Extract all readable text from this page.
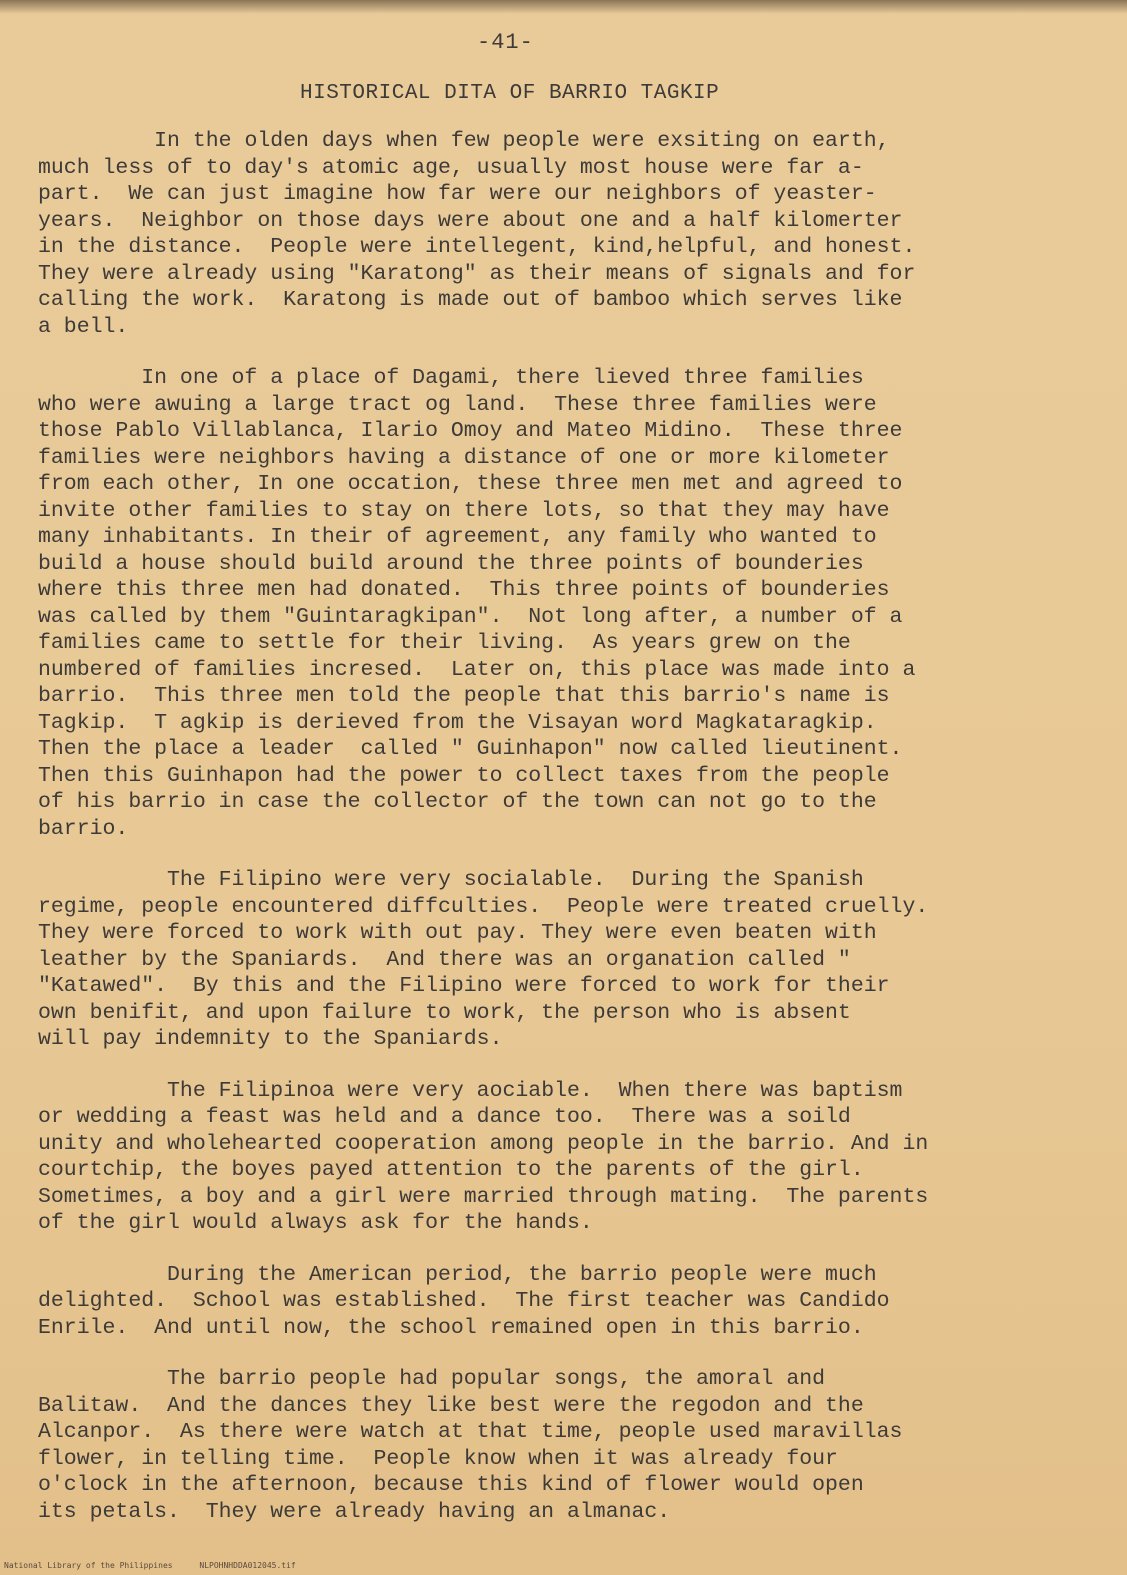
-41-
HISTORICAL DITA OF BARRIO TAGKIP

In the olden days when few people were exsiting on earth,
much less of to day's atomic age, usually most house were far a-
part.  We can just imagine how far were our neighbors of yeaster-
years.  Neighbor on those days were about one and a half kilomerter
in the distance.  People were intellegent, kind,helpful, and honest.
They were already using "Karatong" as their means of signals and for
calling the work.  Karatong is made out of bamboo which serves like
a bell.

In one of a place of Dagami, there lieved three families
who were awuing a large tract og land.  These three families were
those Pablo Villablanca, Ilario Omoy and Mateo Midino.  These three
families were neighbors having a distance of one or more kilometer
from each other, In one occation, these three men met and agreed to
invite other families to stay on there lots, so that they may have
many inhabitants. In their of agreement, any family who wanted to
build a house should build around the three points of bounderies
where this three men had donated.  This three points of bounderies
was called by them "Guintaragkipan".  Not long after, a number of a
families came to settle for their living.  As years grew on the
numbered of families incresed.  Later on, this place was made into a
barrio.  This three men told the people that this barrio's name is
Tagkip.  T agkip is derieved from the Visayan word Magkataragkip.
Then the place a leader  called " Guinhapon" now called lieutinent.
Then this Guinhapon had the power to collect taxes from the people
of his barrio in case the collector of the town can not go to the
barrio.

The Filipino were very socialable.  During the Spanish
regime, people encountered diffculties.  People were treated cruelly.
They were forced to work with out pay. They were even beaten with
leather by the Spaniards.  And there was an organation called "
"Katawed".  By this and the Filipino were forced to work for their
own benifit, and upon failure to work, the person who is absent
will pay indemnity to the Spaniards.

The Filipinoa were very aociable.  When there was baptism
or wedding a feast was held and a dance too.  There was a soild
unity and wholehearted cooperation among people in the barrio. And in
courtchip, the boyes payed attention to the parents of the girl.
Sometimes, a boy and a girl were married through mating.  The parents
of the girl would always ask for the hands.

During the American period, the barrio people were much
delighted.  School was established.  The first teacher was Candido
Enrile.  And until now, the school remained open in this barrio.

The barrio people had popular songs, the amoral and
Balitaw.  And the dances they like best were the regodon and the
Alcanpor.  As there were watch at that time, people used maravillas
flower, in telling time.  People know when it was already four
o'clock in the afternoon, because this kind of flower would open
its petals.  They were already having an almanac.

National Library of the Philippines	NLPOHNHDDA012045.tif
